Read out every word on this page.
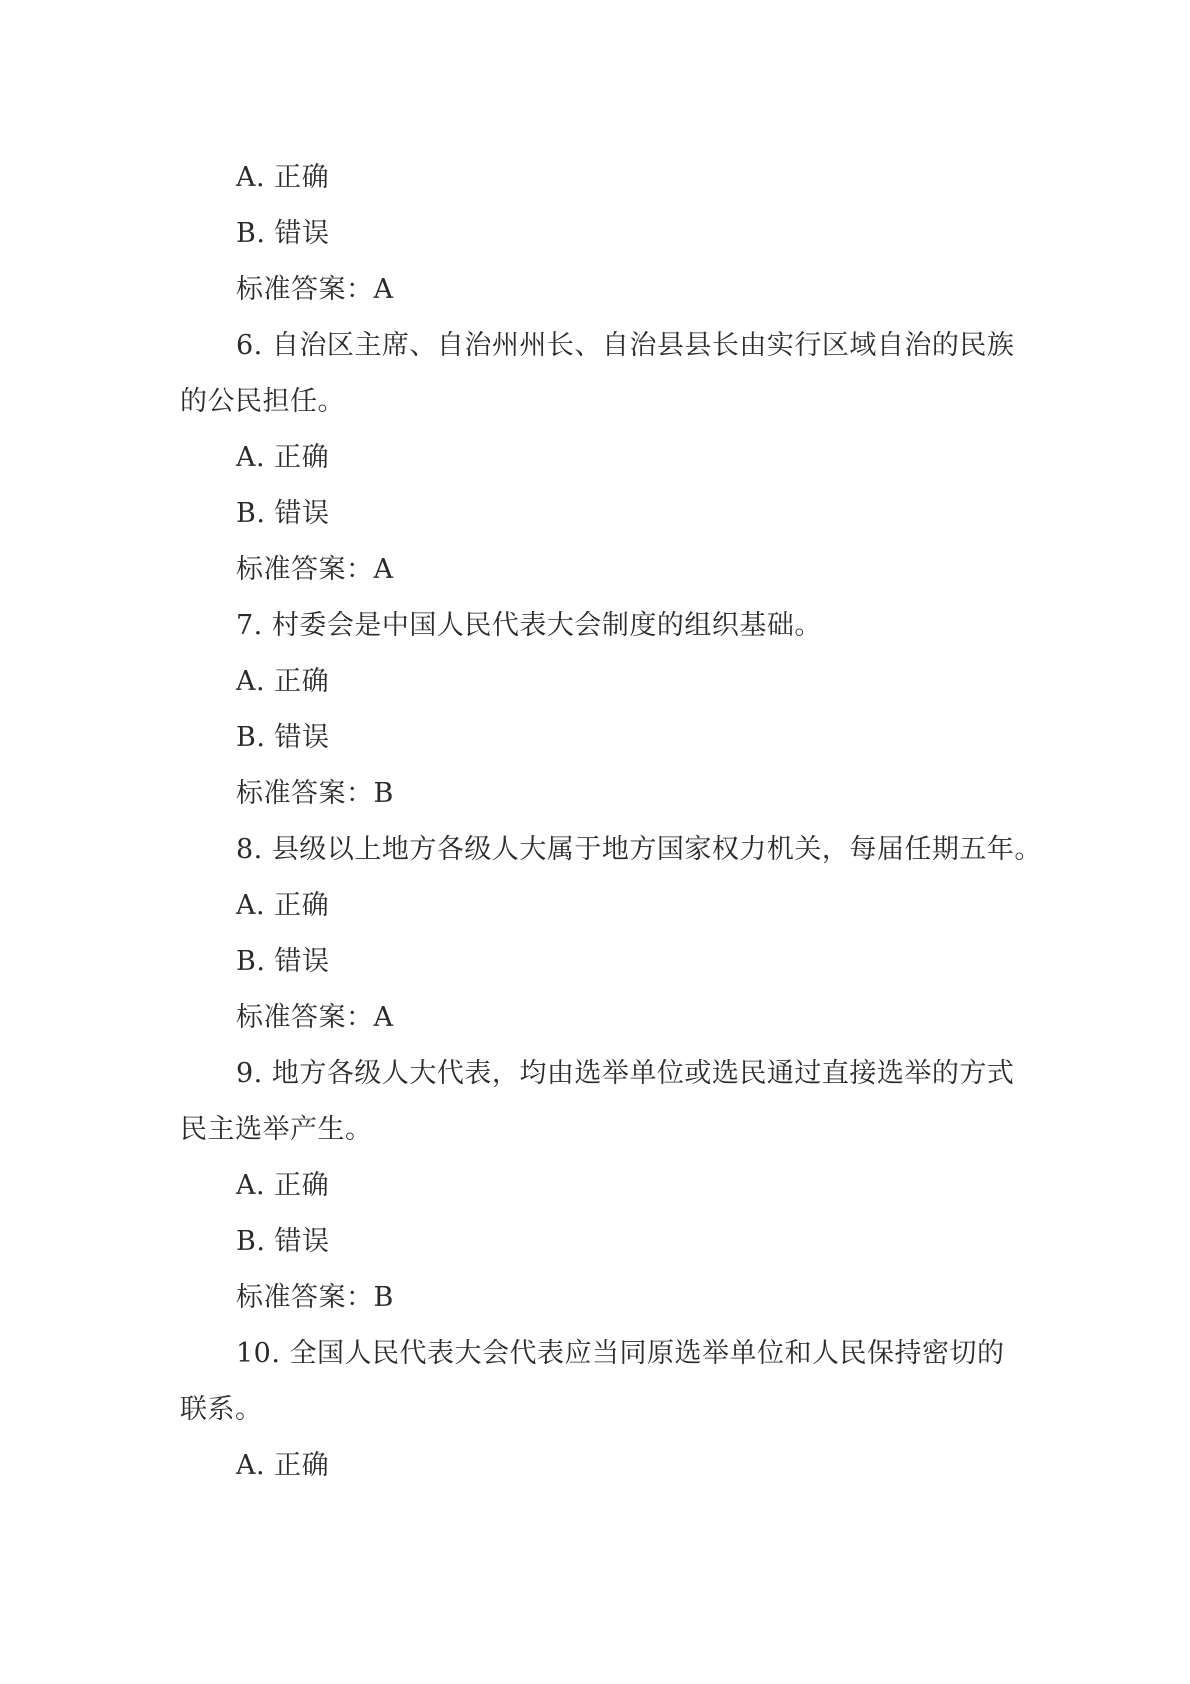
A. 正确
B. 错误
标准答案：A
6. 自治区主席、自治州州长、自治县县长由实行区域自治的民族
的公民担任。
A. 正确
B. 错误
标准答案：A
7. 村委会是中国人民代表大会制度的组织基础。
A. 正确
B. 错误
标准答案：B
8. 县级以上地方各级人大属于地方国家权力机关，每届任期五年。
A. 正确
B. 错误
标准答案：A
9. 地方各级人大代表，均由选举单位或选民通过直接选举的方式
民主选举产生。
A. 正确
B. 错误
标准答案：B
10. 全国人民代表大会代表应当同原选举单位和人民保持密切的
联系。
A. 正确
